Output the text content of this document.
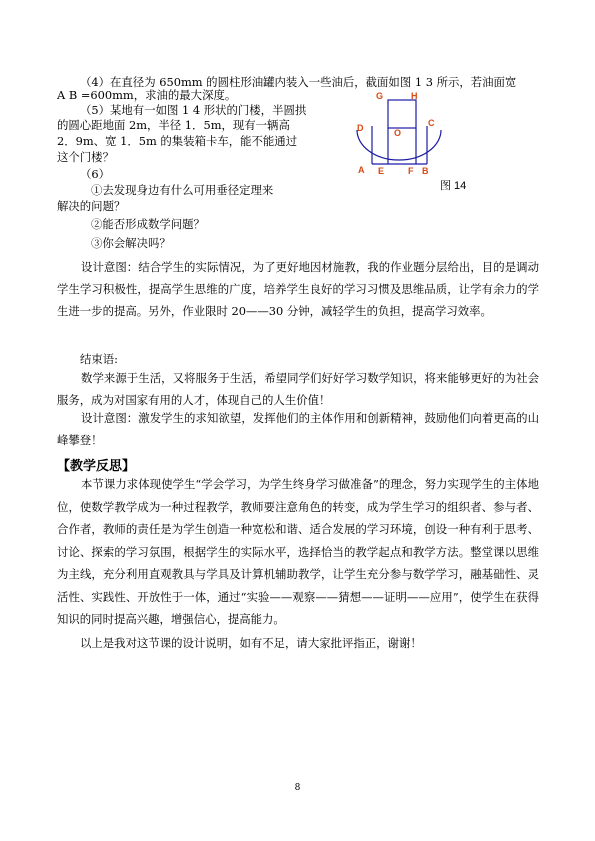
（4）在直径为 650mm 的圆柱形油罐内装入一些油后，截面如图 1 3 所示，若油面宽
A B =600mm，求油的最大深度。
（5）某地有一如图 1 4 形状的门楼，半圆拱
的圆心距地面 2m，半径 1．5m，现有一辆高
2．9m、宽 1．5m 的集装箱卡车，能不能通过
这个门楼？
（6）
①去发现身边有什么可用垂径定理来
解决的问题？
②能否形成数学问题？
③你会解决吗？
G	H
D	C
O
A E	F B
图 14
设计意图：结合学生的实际情况，为了更好地因材施教，我的作业题分层给出，目的是调动学生学习积极性，提高学生思维的广度，培养学生良好的学习习惯及思维品质，让学有余力的学生进一步的提高。另外，作业限时 20——30 分钟，减轻学生的负担，提高学习效率。
结束语:
数学来源于生活，又将服务于生活，希望同学们好好学习数学知识，将来能够更好的为社会服务，成为对国家有用的人才，体现自己的人生价值！
设计意图：激发学生的求知欲望，发挥他们的主体作用和创新精神，鼓励他们向着更高的山峰攀登！
【教学反思】
本节课力求体现使学生“学会学习，为学生终身学习做准备”的理念，努力实现学生的主体地位，使数学教学成为一种过程教学，教师要注意角色的转变，成为学生学习的组织者、参与者、合作者，教师的责任是为学生创造一种宽松和谐、适合发展的学习环境，创设一种有利于思考、讨论、探索的学习氛围，根据学生的实际水平，选择恰当的教学起点和教学方法。整堂课以思维为主线，充分利用直观教具与学具及计算机辅助教学，让学生充分参与数学学习，融基础性、灵活性、实践性、开放性于一体，通过“实验——观察——猜想——证明——应用”，使学生在获得知识的同时提高兴趣，增强信心，提高能力。
以上是我对这节课的设计说明，如有不足，请大家批评指正，谢谢！
8
